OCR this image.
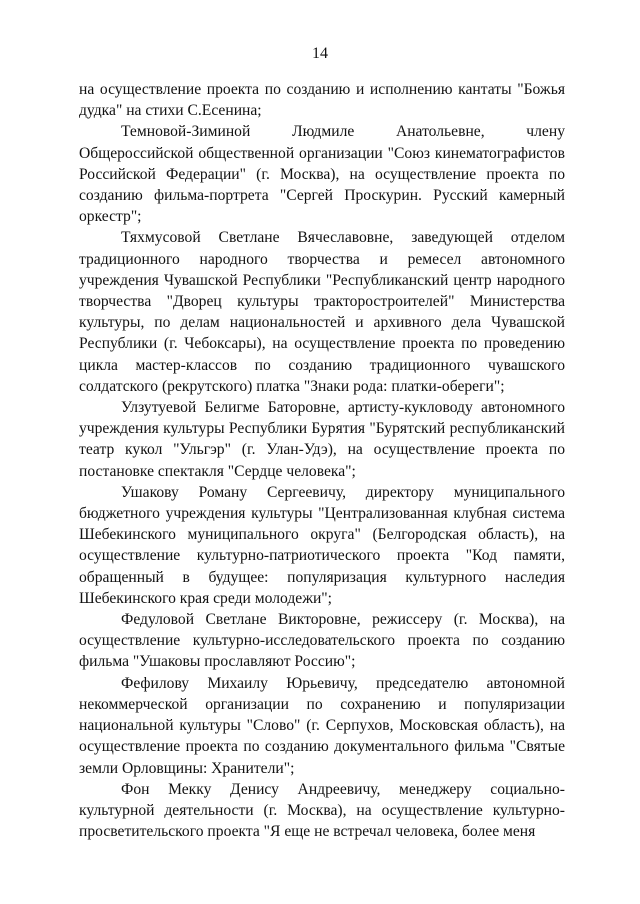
14

на осуществление проекта по созданию и исполнению кантаты "Божья дудка" на стихи С.Есенина;

Темновой-Зиминой Людмиле Анатольевне, члену Общероссийской общественной организации "Союз кинематографистов Российской Федерации" (г. Москва), на осуществление проекта по созданию фильма-портрета "Сергей Проскурин. Русский камерный оркестр";

Тяхмусовой Светлане Вячеславовне, заведующей отделом традиционного народного творчества и ремесел автономного учреждения Чувашской Республики "Республиканский центр народного творчества "Дворец культуры тракторостроителей" Министерства культуры, по делам национальностей и архивного дела Чувашской Республики (г. Чебоксары), на осуществление проекта по проведению цикла мастер-классов по созданию традиционного чувашского солдатского (рекрутского) платка "Знаки рода: платки-обереги";

Улзутуевой Белигме Баторовне, артисту-кукловоду автономного учреждения культуры Республики Бурятия "Бурятский республиканский театр кукол "Ульгэр" (г. Улан-Удэ), на осуществление проекта по постановке спектакля "Сердце человека";

Ушакову Роману Сергеевичу, директору муниципального бюджетного учреждения культуры "Централизованная клубная система Шебекинского муниципального округа" (Белгородская область), на осуществление культурно-патриотического проекта "Код памяти, обращенный в будущее: популяризация культурного наследия Шебекинского края среди молодежи";

Федуловой Светлане Викторовне, режиссеру (г. Москва), на осуществление культурно-исследовательского проекта по созданию фильма "Ушаковы прославляют Россию";

Фефилову Михаилу Юрьевичу, председателю автономной некоммерческой организации по сохранению и популяризации национальной культуры "Слово" (г. Серпухов, Московская область), на осуществление проекта по созданию документального фильма "Святые земли Орловщины: Хранители";

Фон Мекку Денису Андреевичу, менеджеру социально-культурной деятельности (г. Москва), на осуществление культурно-просветительского проекта "Я еще не встречал человека, более меня
